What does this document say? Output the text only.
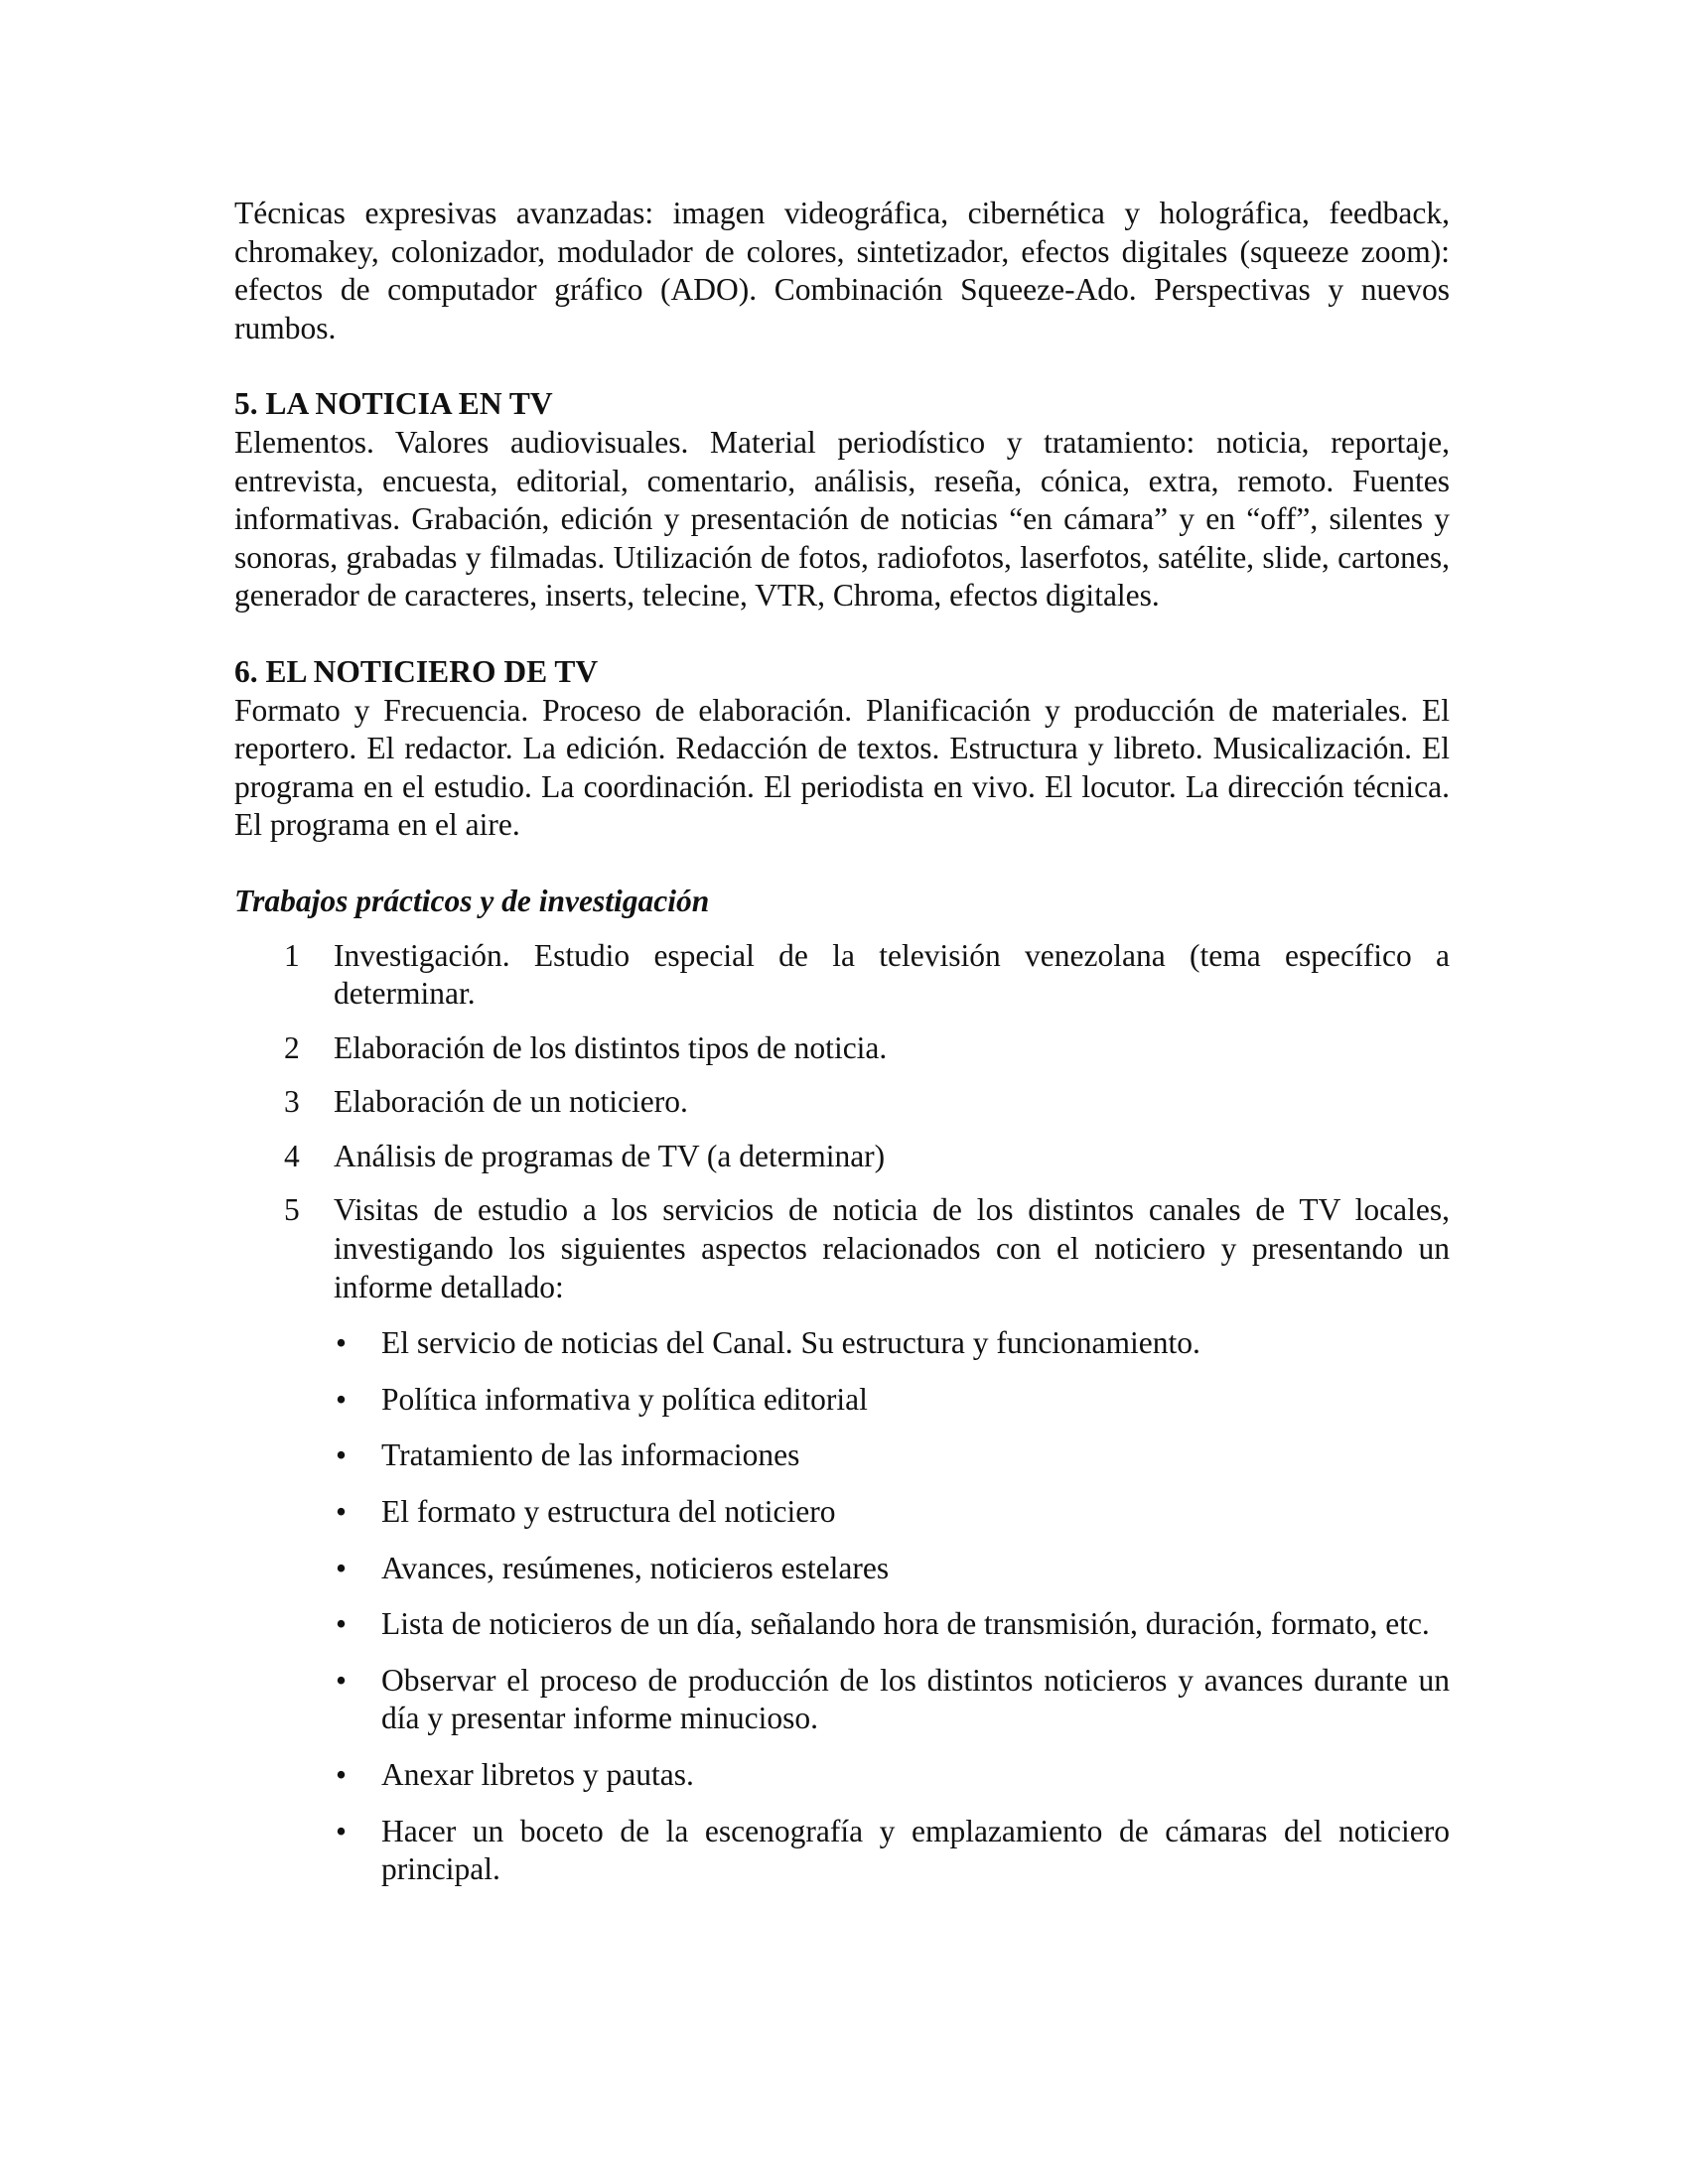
Técnicas expresivas avanzadas: imagen videográfica, cibernética y holográfica, feedback, chromakey, colonizador, modulador de colores, sintetizador, efectos digitales (squeeze zoom): efectos de computador gráfico (ADO). Combinación Squeeze-Ado. Perspectivas y nuevos rumbos.

5. LA NOTICIA EN TV

Elementos. Valores audiovisuales. Material periodístico y tratamiento: noticia, reportaje, entrevista, encuesta, editorial, comentario, análisis, reseña, cónica, extra, remoto. Fuentes informativas. Grabación, edición y presentación de noticias “en cámara” y en “off”, silentes y sonoras, grabadas y filmadas. Utilización de fotos, radiofotos, laserfotos, satélite, slide, cartones, generador de caracteres, inserts, telecine, VTR, Chroma, efectos digitales.

6. EL NOTICIERO DE TV

Formato y Frecuencia. Proceso de elaboración. Planificación y producción de materiales. El reportero. El redactor. La edición. Redacción de textos. Estructura y libreto. Musicalización. El programa en el estudio. La coordinación. El periodista en vivo. El locutor. La dirección técnica. El programa en el aire.

Trabajos prácticos y de investigación

1 Investigación. Estudio especial de la televisión venezolana (tema específico a determinar.
2 Elaboración de los distintos tipos de noticia.
3 Elaboración de un noticiero.
4 Análisis de programas de TV (a determinar)
5 Visitas de estudio a los servicios de noticia de los distintos canales de TV locales, investigando los siguientes aspectos relacionados con el noticiero y presentando un informe detallado:
• El servicio de noticias del Canal. Su estructura y funcionamiento.
• Política informativa y política editorial
• Tratamiento de las informaciones
• El formato y estructura del noticiero
• Avances, resúmenes, noticieros estelares
• Lista de noticieros de un día, señalando hora de transmisión, duración, formato, etc.
• Observar el proceso de producción de los distintos noticieros y avances durante un día y presentar informe minucioso.
• Anexar libretos y pautas.
• Hacer un boceto de la escenografía y emplazamiento de cámaras del noticiero principal.
